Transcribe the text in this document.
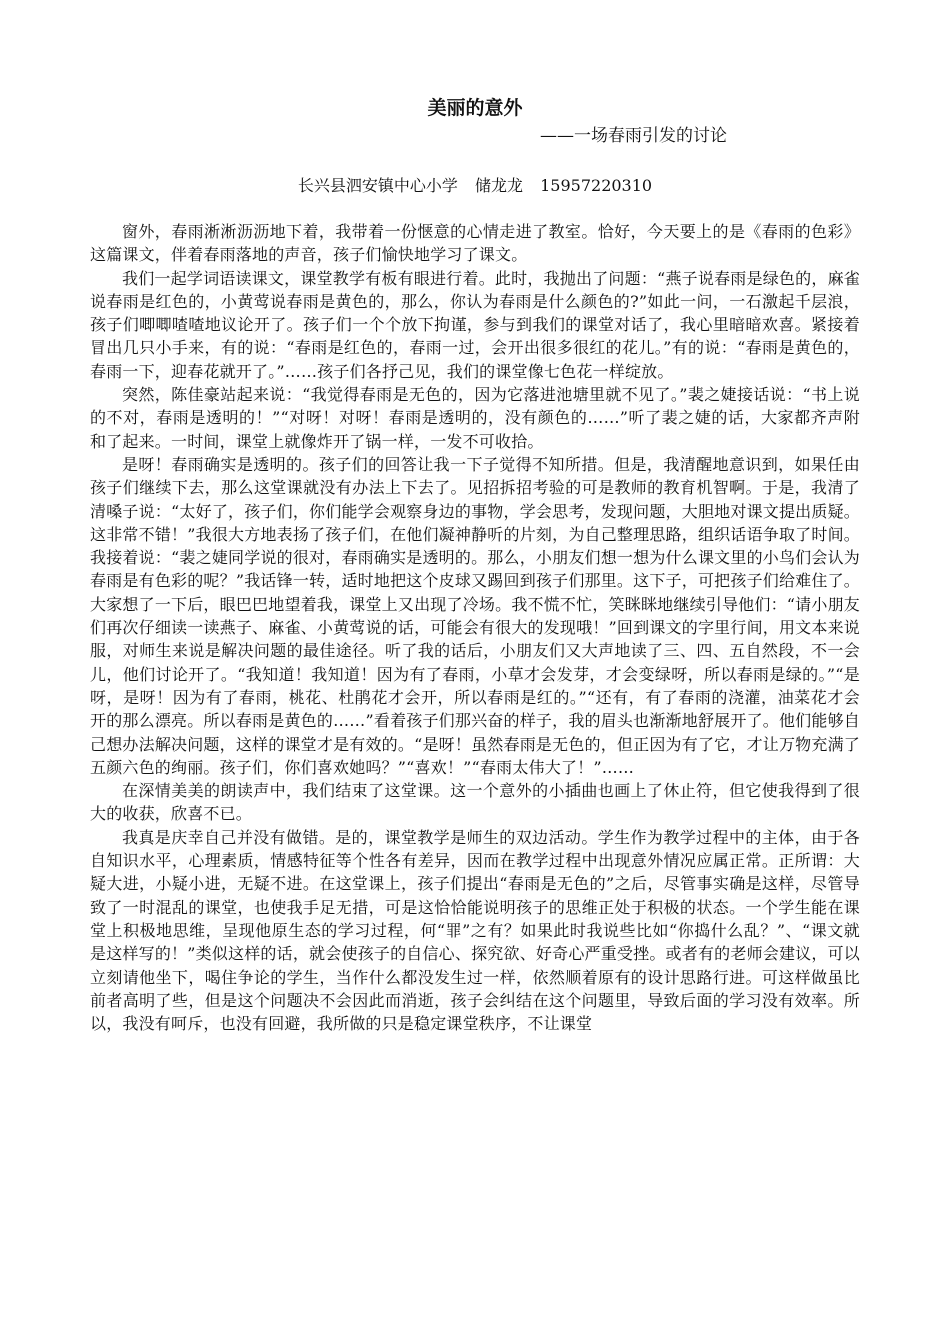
美丽的意外
——一场春雨引发的讨论
长兴县泗安镇中心小学 储龙龙 15957220310

窗外，春雨淅淅沥沥地下着，我带着一份惬意的心情走进了教室。恰好，今天要上的是《春雨的色彩》这篇课文，伴着春雨落地的声音，孩子们愉快地学习了课文。

我们一起学词语读课文，课堂教学有板有眼进行着。此时，我抛出了问题：“燕子说春雨是绿色的，麻雀说春雨是红色的，小黄莺说春雨是黄色的，那么，你认为春雨是什么颜色的?”如此一问，一石激起千层浪，孩子们唧唧喳喳地议论开了。孩子们一个个放下拘谨，参与到我们的课堂对话了，我心里暗暗欢喜。紧接着冒出几只小手来，有的说：“春雨是红色的，春雨一过，会开出很多很红的花儿。”有的说：“春雨是黄色的，春雨一下，迎春花就开了。”……孩子们各抒己见，我们的课堂像七色花一样绽放。

突然，陈佳豪站起来说：“我觉得春雨是无色的，因为它落进池塘里就不见了。”裴之婕接话说：“书上说的不对，春雨是透明的！”“对呀！对呀！春雨是透明的，没有颜色的……”听了裴之婕的话，大家都齐声附和了起来。一时间，课堂上就像炸开了锅一样，一发不可收拾。

是呀！春雨确实是透明的。孩子们的回答让我一下子觉得不知所措。但是，我清醒地意识到，如果任由孩子们继续下去，那么这堂课就没有办法上下去了。见招拆招考验的可是教师的教育机智啊。于是，我清了清嗓子说：“太好了，孩子们，你们能学会观察身边的事物，学会思考，发现问题，大胆地对课文提出质疑。这非常不错！”我很大方地表扬了孩子们，在他们凝神静听的片刻，为自己整理思路，组织话语争取了时间。我接着说：“裴之婕同学说的很对，春雨确实是透明的。那么，小朋友们想一想为什么课文里的小鸟们会认为春雨是有色彩的呢？”我话锋一转，适时地把这个皮球又踢回到孩子们那里。这下子，可把孩子们给难住了。大家想了一下后，眼巴巴地望着我，课堂上又出现了冷场。我不慌不忙，笑眯眯地继续引导他们：“请小朋友们再次仔细读一读燕子、麻雀、小黄莺说的话，可能会有很大的发现哦！”回到课文的字里行间，用文本来说服，对师生来说是解决问题的最佳途径。听了我的话后，小朋友们又大声地读了三、四、五自然段，不一会儿，他们讨论开了。“我知道！我知道！因为有了春雨，小草才会发芽，才会变绿呀，所以春雨是绿的。”“是呀，是呀！因为有了春雨，桃花、杜鹃花才会开，所以春雨是红的。”“还有，有了春雨的浇灌，油菜花才会开的那么漂亮。所以春雨是黄色的……”看着孩子们那兴奋的样子，我的眉头也渐渐地舒展开了。他们能够自己想办法解决问题，这样的课堂才是有效的。“是呀！虽然春雨是无色的，但正因为有了它，才让万物充满了五颜六色的绚丽。孩子们，你们喜欢她吗？”“喜欢！”“春雨太伟大了！”……

在深情美美的朗读声中，我们结束了这堂课。这一个意外的小插曲也画上了休止符，但它使我得到了很大的收获，欣喜不已。

我真是庆幸自己并没有做错。是的，课堂教学是师生的双边活动。学生作为教学过程中的主体，由于各自知识水平，心理素质，情感特征等个性各有差异，因而在教学过程中出现意外情况应属正常。正所谓：大疑大进，小疑小进，无疑不进。在这堂课上，孩子们提出“春雨是无色的”之后，尽管事实确是这样，尽管导致了一时混乱的课堂，也使我手足无措，可是这恰恰能说明孩子的思维正处于积极的状态。一个学生能在课堂上积极地思维，呈现他原生态的学习过程，何“罪”之有？如果此时我说些比如“你捣什么乱？”、“课文就是这样写的！”类似这样的话，就会使孩子的自信心、探究欲、好奇心严重受挫。或者有的老师会建议，可以立刻请他坐下，喝住争论的学生，当作什么都没发生过一样，依然顺着原有的设计思路行进。可这样做虽比前者高明了些，但是这个问题决不会因此而消逝，孩子会纠结在这个问题里，导致后面的学习没有效率。所以，我没有呵斥，也没有回避，我所做的只是稳定课堂秩序，不让课堂
